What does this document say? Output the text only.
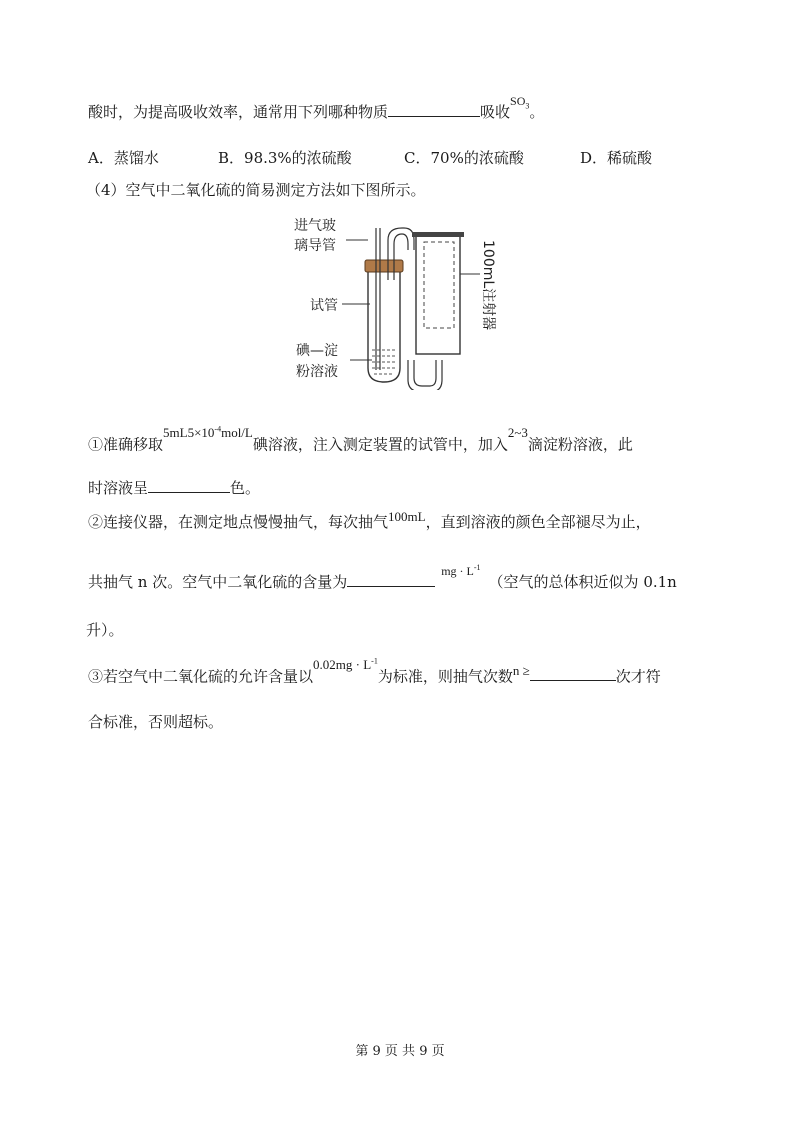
酸时，为提高吸收效率，通常用下列哪种物质	吸收$^{SO_3}$。
A．蒸馏水	B．98.3%的浓硫酸	C．70%的浓硫酸	D．稀硫酸
（4）空气中二氧化硫的简易测定方法如下图所示。
进气玻
璃导管
试管
碘—淀
粉溶液
100mL注射器
①准确移取$5mL5\times 10^{-4}mol/L$碘溶液，注入测定装置的试管中，加入2~3滴淀粉溶液，此
时溶液呈	色。
②连接仪器，在测定地点慢慢抽气，每次抽气100mL，直到溶液的颜色全部褪尽为止，
共抽气 n 次。空气中二氧化硫的含量为$^{mg \cdot L^{-1}}$（空气的总体积近似为 0.1n
升）。
③若空气中二氧化硫的允许含量以$0.02mg \cdot L^{-1}$为标准，则抽气次数n ≥	次才符
合标准，否则超标。
第 9 页 共 9 页
